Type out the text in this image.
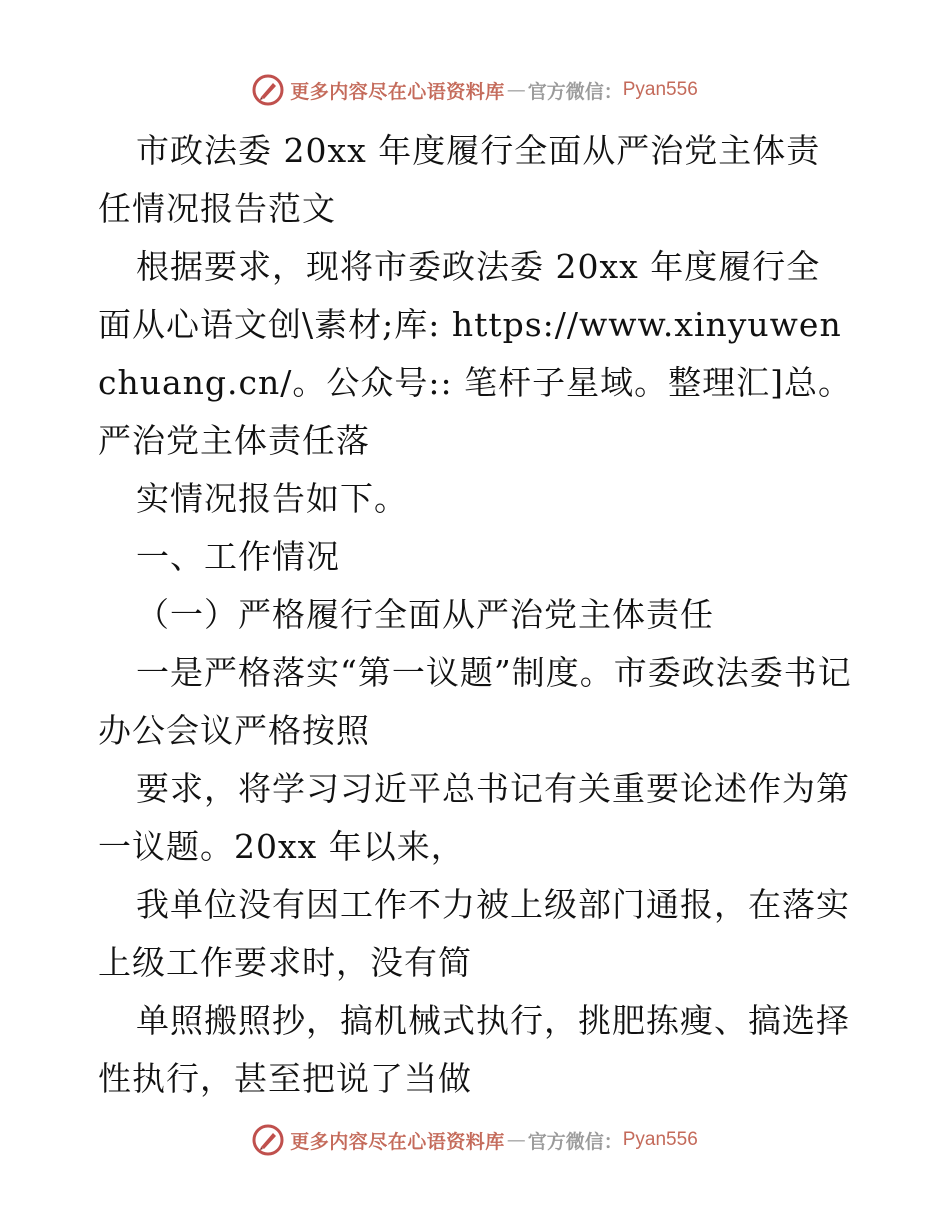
更多内容尽在心语资料库 — 官方微信： Pyan556

市政法委 20xx 年度履行全面从严治党主体责任情况报告范文

根据要求，现将市委政法委 20xx 年度履行全面从心语文创\素材;库: https://www.xinyuwenchuang.cn/。公众号:: 笔杆子星域。整理汇]总。严治党主体责任落

实情况报告如下。

一、工作情况

（一）严格履行全面从严治党主体责任

一是严格落实“第一议题”制度。市委政法委书记办公会议严格按照

要求，将学习习近平总书记有关重要论述作为第一议题。20xx 年以来，

我单位没有因工作不力被上级部门通报，在落实上级工作要求时，没有简

单照搬照抄，搞机械式执行，挑肥拣瘦、搞选择性执行，甚至把说了当做

更多内容尽在心语资料库 — 官方微信： Pyan556
